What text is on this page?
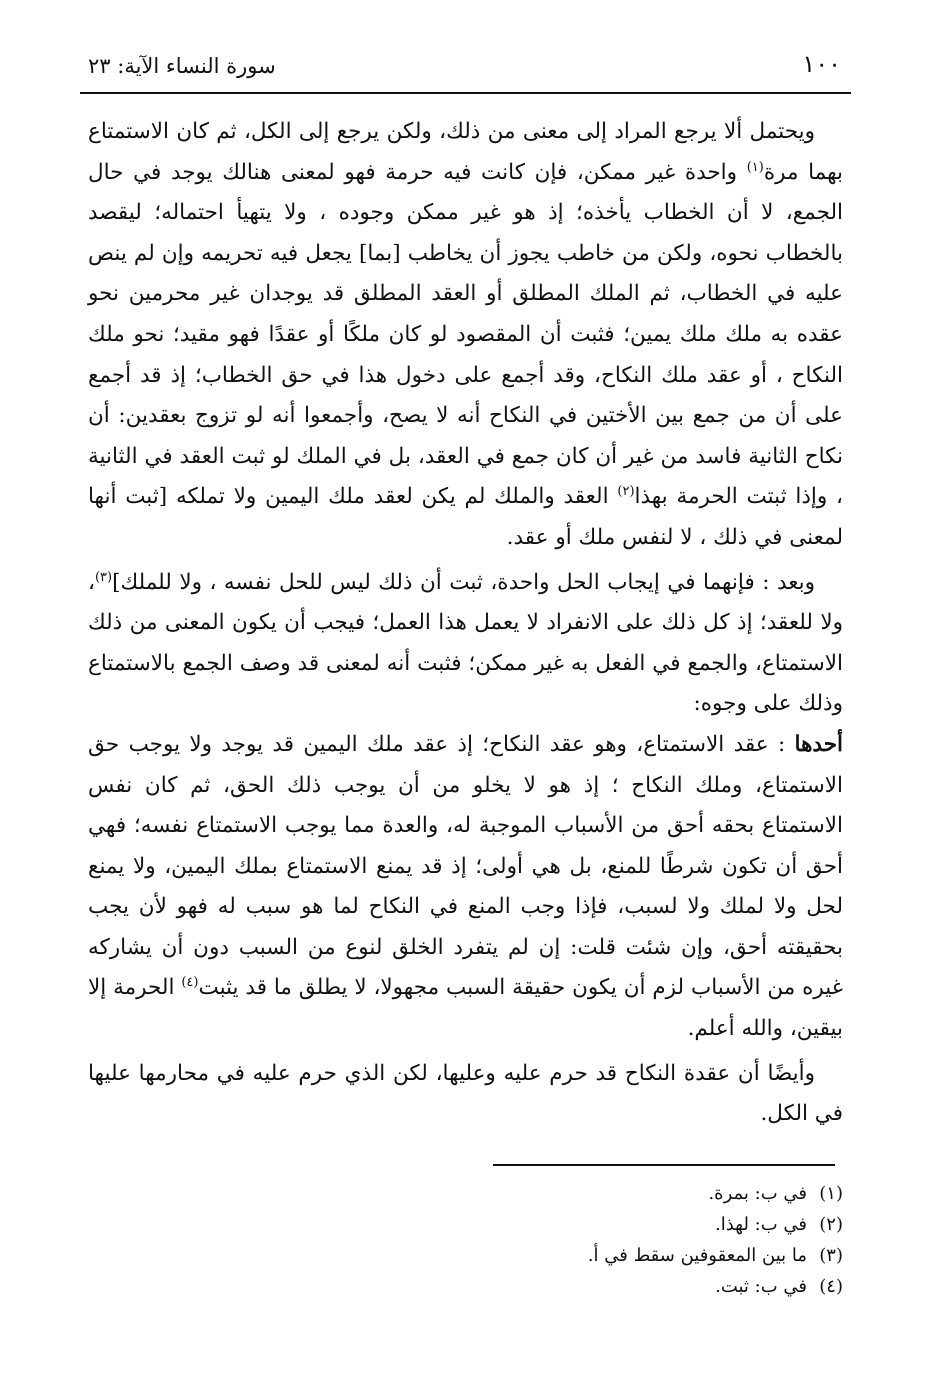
١٠٠
سورة النساء الآية: ٢٣

ويحتمل ألا يرجع المراد إلى معنى من ذلك، ولكن يرجع إلى الكل، ثم كان الاستمتاع بهما مرة$^{(١)}$ واحدة غير ممكن، فإن كانت فيه حرمة فهو لمعنى هنالك يوجد في حال الجمع، لا أن الخطاب يأخذه؛ إذ هو غير ممكن وجوده ، ولا يتهيأ احتماله؛ ليقصد بالخطاب نحوه، ولكن من خاطب يجوز أن يخاطب [بما] يجعل فيه تحريمه وإن لم ينص عليه في الخطاب، ثم الملك المطلق أو العقد المطلق قد يوجدان غير محرمين نحو عقده به ملك ملك يمين؛ فثبت أن المقصود لو كان ملكًا أو عقدًا فهو مقيد؛ نحو ملك النكاح ، أو عقد ملك النكاح، وقد أجمع على دخول هذا في حق الخطاب؛ إذ قد أجمع على أن من جمع بين الأختين في النكاح أنه لا يصح، وأجمعوا أنه لو تزوج بعقدين: أن نكاح الثانية فاسد من غير أن كان جمع في العقد، بل في الملك لو ثبت العقد في الثانية ، وإذا ثبتت الحرمة بهذا$^{(٢)}$ العقد والملك لم يكن لعقد ملك اليمين ولا تملكه [ثبت أنها لمعنى في ذلك ، لا لنفس ملك أو عقد.

وبعد : فإنهما في إيجاب الحل واحدة، ثبت أن ذلك ليس للحل نفسه ، ولا للملك]$^{(٣)}$، ولا للعقد؛ إذ كل ذلك على الانفراد لا يعمل هذا العمل؛ فيجب أن يكون المعنى من ذلك الاستمتاع، والجمع في الفعل به غير ممكن؛ فثبت أنه لمعنى قد وصف الجمع بالاستمتاع وذلك على وجوه:

أحدها : عقد الاستمتاع، وهو عقد النكاح؛ إذ عقد ملك اليمين قد يوجد ولا يوجب حق الاستمتاع، وملك النكاح ؛ إذ هو لا يخلو من أن يوجب ذلك الحق، ثم كان نفس الاستمتاع بحقه أحق من الأسباب الموجبة له، والعدة مما يوجب الاستمتاع نفسه؛ فهي أحق أن تكون شرطًا للمنع، بل هي أولى؛ إذ قد يمنع الاستمتاع بملك اليمين، ولا يمنع لحل ولا لملك ولا لسبب، فإذا وجب المنع في النكاح لما هو سبب له فهو لأن يجب بحقيقته أحق، وإن شئت قلت: إن لم يتفرد الخلق لنوع من السبب دون أن يشاركه غيره من الأسباب لزم أن يكون حقيقة السبب مجهولا، لا يطلق ما قد يثبت$^{(٤)}$ الحرمة إلا بيقين، والله أعلم.

وأيضًا أن عقدة النكاح قد حرم عليه وعليها، لكن الذي حرم عليه في محارمها عليها في الكل.

(١)في ب: بمرة.
(٢)في ب: لهذا.
(٣)ما بين المعقوفين سقط في أ.
(٤)في ب: ثبت.
